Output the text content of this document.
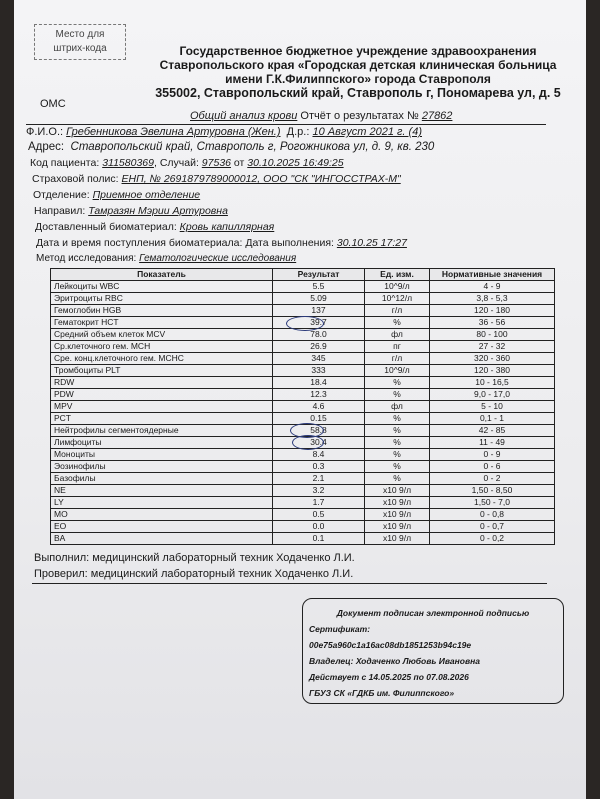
Место для
штрих-кода	Государственное бюджетное учреждение здравоохранения
Ставропольского края «Городская детская клиническая больница
имени Г.К.Филиппского» города Ставрополя
355002, Ставропольский край, Ставрополь г, Пономарева ул, д. 5
ОМС
Общий анализ крови Отчёт о результатах № 27862
Ф.И.О.: Гребенникова Эвелина Артуровна (Жен.) Д.р.: 10 Август 2021 г. (4)
Адрес: Ставропольский край, Ставрополь г, Рогожникова ул, д. 9, кв. 230
Код пациента: 311580369, Случай: 97536 от 30.10.2025 16:49:25
Страховой полис: ЕНП, № 2691879789000012, ООО "СК "ИНГОССТРАХ-М"
Отделение: Приемное отделение
Направил: Тамразян Мэрии Артуровна
Доставленный биоматериал: Кровь капиллярная
Дата и время поступления биоматериала: Дата выполнения: 30.10.25 17:27
Метод исследования: Гематологические исследования
Показатель	Результат	Ед. изм.	Нормативные значения
Лейкоциты WBC	5.5	10^9/л	4 - 9
Эритроциты RBC	5.09	10^12/л	3,8 - 5,3
Гемоглобин HGB	137	г/л	120 - 180
Гематокрит HCT	39.7	%	36 - 56
Средний объем клеток MCV	78.0	фл	80 - 100
Ср.клеточного гем. MCH	26.9	пг	27 - 32
Сре. конц.клеточного гем. MCHC	345	г/л	320 - 360
Тромбоциты PLT	333	10^9/л	120 - 380
RDW	18.4	%	10 - 16,5
PDW	12.3	%	9,0 - 17,0
MPV	4.6	фл	5 - 10
PCT	0.15	%	0,1 - 1
Нейтрофилы сегментоядерные	58.8	%	42 - 85
Лимфоциты	30.4	%	11 - 49
Моноциты	8.4	%	0 - 9
Эозинофилы	0.3	%	0 - 6
Базофилы	2.1	%	0 - 2
NE	3.2	x10 9/л	1,50 - 8,50
LY	1.7	x10 9/л	1,50 - 7,0
MO	0.5	x10 9/л	0 - 0,8
EO	0.0	x10 9/л	0 - 0,7
BA	0.1	x10 9/л	0 - 0,2
Выполнил: медицинский лабораторный техник Ходаченко Л.И.
Проверил: медицинский лабораторный техник Ходаченко Л.И.
Документ подписан электронной подписью
Сертификат:
00e75a960c1a16ac08db1851253b94c19e
Владелец: Ходаченко Любовь Ивановна
Действует с 14.05.2025 по 07.08.2026
ГБУЗ СК «ГДКБ им. Филиппского»
